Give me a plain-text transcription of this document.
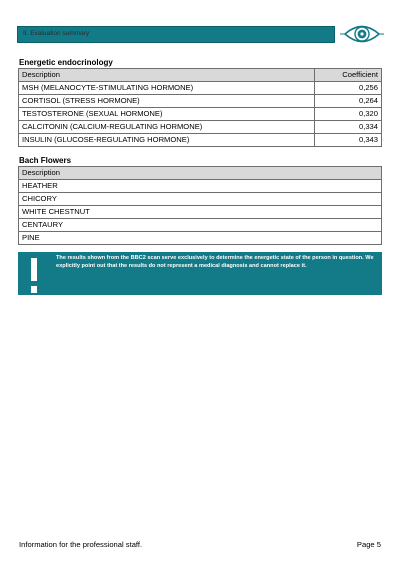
II. Evaluation summary
Energetic endocrinology
Description	Coefficient
MSH (MELANOCYTE-STIMULATING HORMONE)	0,256
CORTISOL (STRESS HORMONE)	0,264
TESTOSTERONE (SEXUAL HORMONE)	0,320
CALCITONIN (CALCIUM-REGULATING HORMONE)	0,334
INSULIN (GLUCOSE-REGULATING HORMONE)	0,343
Bach Flowers
Description
HEATHER
CHICORY
WHITE CHESTNUT
CENTAURY
PINE
The results shown from the BBC2 scan serve exclusively to determine the energetic state of the person in question. We explicitly point out that the results do not represent a medical diagnosis and cannot replace it.
Information for the professional staff.	Page 5
